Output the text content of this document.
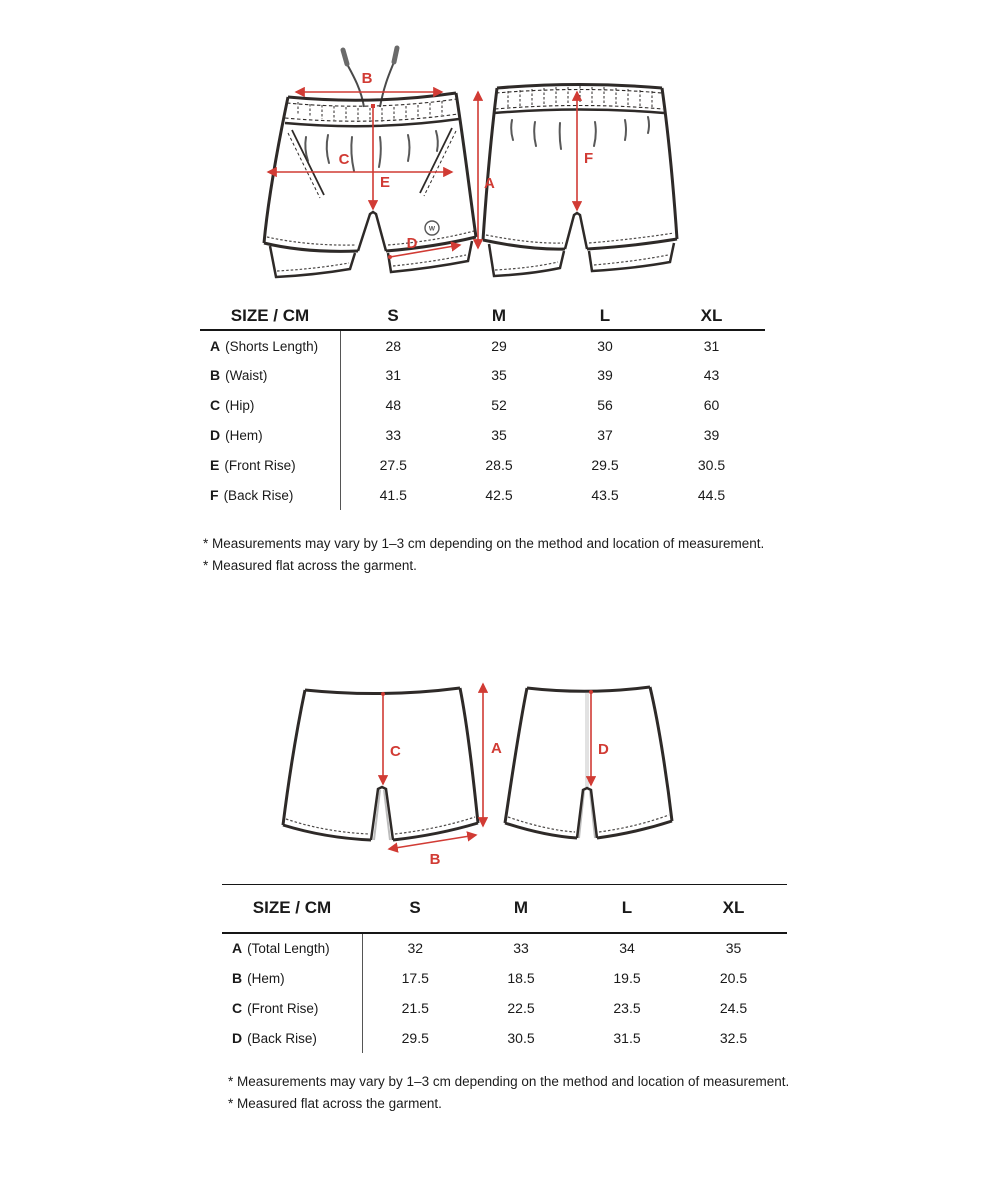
W
B
C
E	A
D
F
SIZE / CM	S	M	L	XL
A (Shorts Length)	28	29	30	31
B (Waist)	31	35	39	43
C (Hip)	48	52	56	60
D (Hem)	33	35	37	39
E (Front Rise)	27.5	28.5	29.5	30.5
F (Back Rise)	41.5	42.5	43.5	44.5
* Measurements may vary by 1–3 cm depending on the method and location of measurement.
* Measured flat across the garment.
C	A
B
D
SIZE / CM	S	M	L	XL
A (Total Length)	32	33	34	35
B (Hem)	17.5	18.5	19.5	20.5
C (Front Rise)	21.5	22.5	23.5	24.5
D (Back Rise)	29.5	30.5	31.5	32.5
* Measurements may vary by 1–3 cm depending on the method and location of measurement.
* Measured flat across the garment.
